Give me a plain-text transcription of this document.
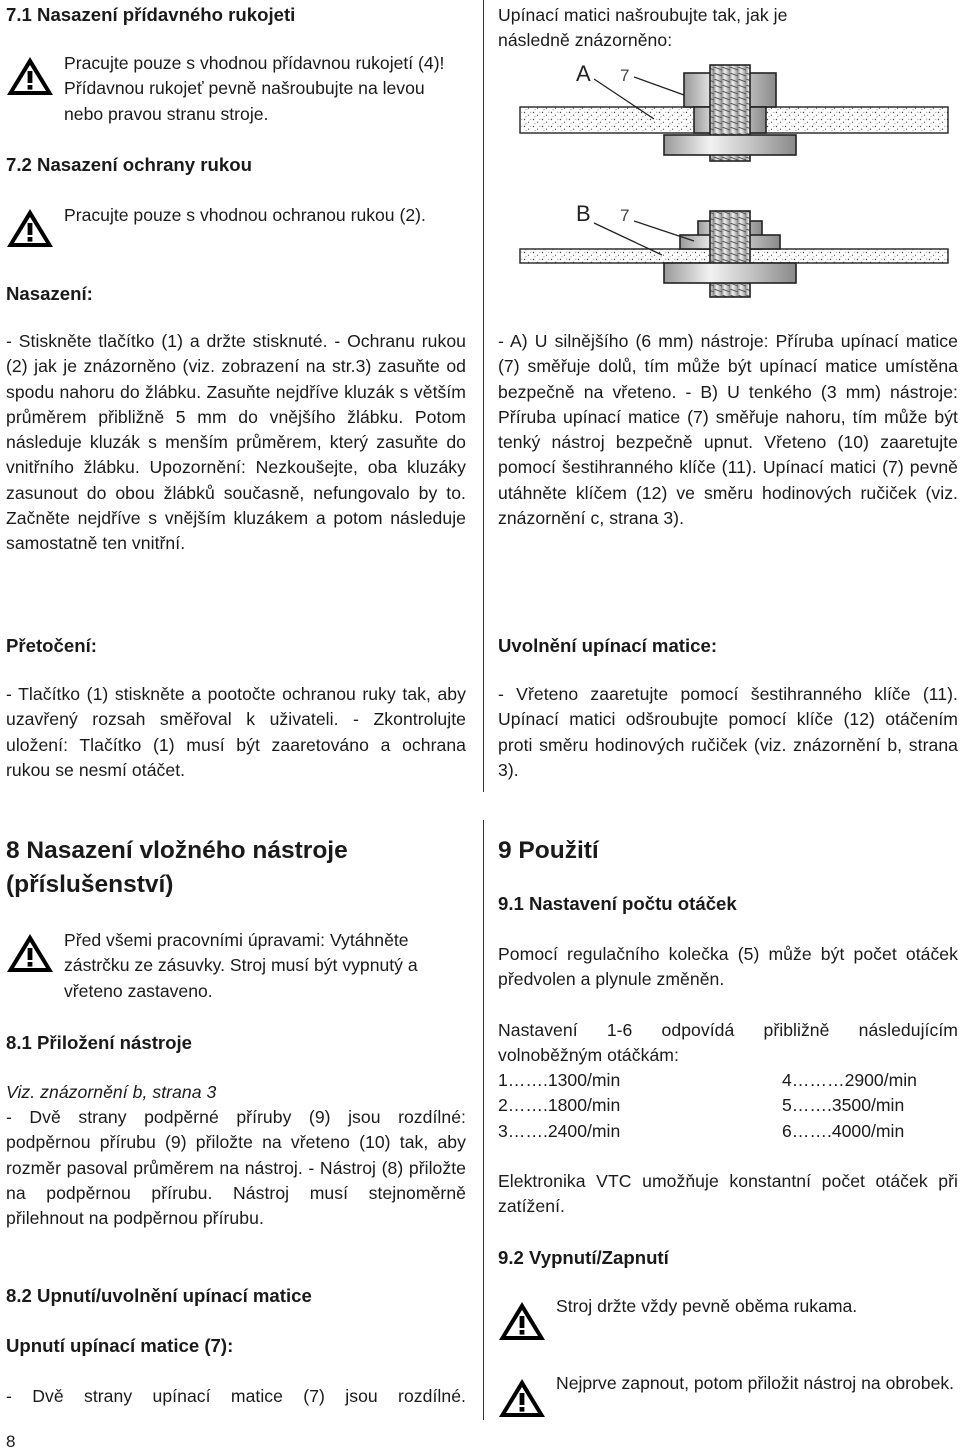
7.1 Nasazení přídavného rukojeti
Pracujte pouze s vhodnou přídavnou rukojetí (4)! Přídavnou rukojeť pevně našroubujte na levou nebo pravou stranu stroje.
7.2 Nasazení ochrany rukou
Pracujte pouze s vhodnou ochranou rukou (2).
Nasazení:

- Stiskněte tlačítko (1) a držte stisknuté. - Ochranu rukou (2) jak je znázorněno (viz. zobrazení na str.3) zasuňte od spodu nahoru do žlábku. Zasuňte nejdříve kluzák s větším průměrem přibližně 5 mm do vnějšího žlábku. Potom následuje kluzák s menším průměrem, který zasuňte do vnitřního žlábku. Upozornění: Nezkoušejte, oba kluzáky zasunout do obou žlábků současně, nefungovalo by to. Začněte nejdříve s vnějším kluzákem a potom následuje samostatně ten vnitřní.

Přetočení:

- Tlačítko (1) stiskněte a pootočte ochranou ruky tak, aby uzavřený rozsah směřoval k uživateli. - Zkontrolujte uložení: Tlačítko (1) musí být zaaretováno a ochrana rukou se nesmí otáčet.

8 Nasazení vložného nástroje (příslušenství)
Před všemi pracovními úpravami: Vytáhněte zástrčku ze zásuvky. Stroj musí být vypnutý a vřeteno zastaveno.
8.1 Přiložení nástroje

Viz. znázornění b, strana 3

- Dvě strany podpěrné příruby (9) jsou rozdílné: podpěrnou přírubu (9) přiložte na vřeteno (10) tak, aby rozměr pasoval průměrem na nástroj. - Nástroj (8) přiložte na podpěrnou přírubu. Nástroj musí stejnoměrně přilehnout na podpěrnou přírubu.

8.2 Upnutí/uvolnění upínací matice
Upnutí upínací matice (7):

- Dvě strany upínací matice (7) jsou rozdílné.

Upínací matici našroubujte tak, jak je následně znázorněno:

A 7
B 7

- A) U silnějšího (6 mm) nástroje: Příruba upínací matice (7) směřuje dolů, tím může být upínací matice umístěna bezpečně na vřeteno. - B) U tenkého (3 mm) nástroje: Příruba upínací matice (7) směřuje nahoru, tím může být tenký nástroj bezpečně upnut. Vřeteno (10) zaaretujte pomocí šestihranného klíče (11). Upínací matici (7) pevně utáhněte klíčem (12) ve směru hodinových ručiček (viz. znázornění c, strana 3).

Uvolnění upínací matice:

- Vřeteno zaaretujte pomocí šestihranného klíče (11). Upínací matici odšroubujte pomocí klíče (12) otáčením proti směru hodinových ručiček (viz. znázornění b, strana 3).

9 Použití
9.1 Nastavení počtu otáček

Pomocí regulačního kolečka (5) může být počet otáček předvolen a plynule změněn.

Nastavení 1-6 odpovídá přibližně následujícím volnoběžným otáčkám:

1…….1300/min
2…….1800/min
3…….2400/min
4………2900/min
5…….3500/min
6…….4000/min

Elektronika VTC umožňuje konstantní počet otáček při zatížení.

9.2 Vypnutí/Zapnutí
Stroj držte vždy pevně oběma rukama.
Nejprve zapnout, potom přiložit nástroj na obrobek.
8
